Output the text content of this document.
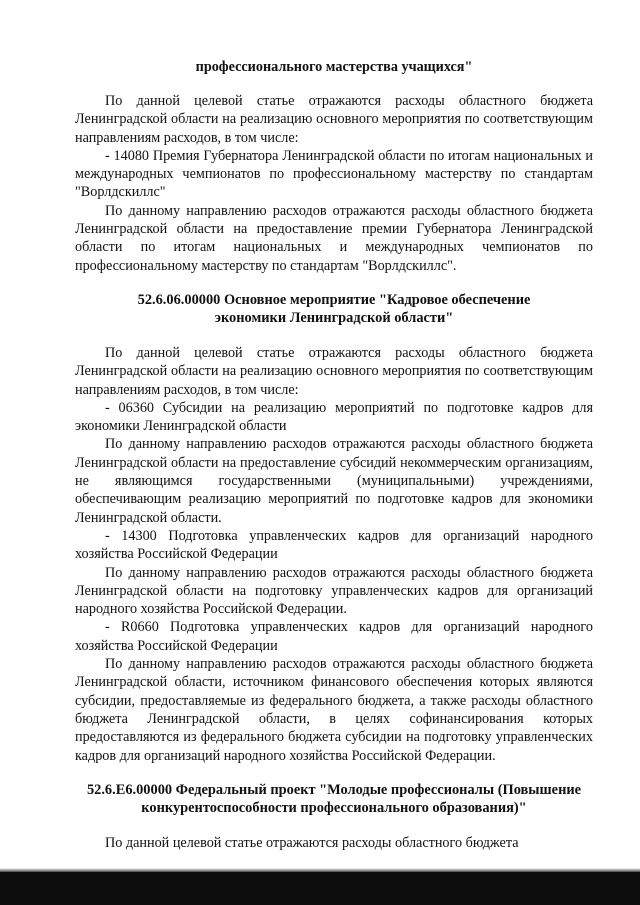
профессионального мастерства учащихся"

По данной целевой статье отражаются расходы областного бюджета Ленинградской области на реализацию основного мероприятия по соответствующим направлениям расходов, в том числе:

- 14080 Премия Губернатора Ленинградской области по итогам национальных и международных чемпионатов по профессиональному мастерству по стандартам "Ворлдскиллс"

По данному направлению расходов отражаются расходы областного бюджета Ленинградской области на предоставление премии Губернатора Ленинградской области по итогам национальных и международных чемпионатов по профессиональному мастерству по стандартам "Ворлдскиллс".

52.6.06.00000 Основное мероприятие "Кадровое обеспечение экономики Ленинградской области"

По данной целевой статье отражаются расходы областного бюджета Ленинградской области на реализацию основного мероприятия по соответствующим направлениям расходов, в том числе:

- 06360 Субсидии на реализацию мероприятий по подготовке кадров для экономики Ленинградской области

По данному направлению расходов отражаются расходы областного бюджета Ленинградской области на предоставление субсидий некоммерческим организациям, не являющимся государственными (муниципальными) учреждениями, обеспечивающим реализацию мероприятий по подготовке кадров для экономики Ленинградской области.

- 14300 Подготовка управленческих кадров для организаций народного хозяйства Российской Федерации

По данному направлению расходов отражаются расходы областного бюджета Ленинградской области на подготовку управленческих кадров для организаций народного хозяйства Российской Федерации.

- R0660 Подготовка управленческих кадров для организаций народного хозяйства Российской Федерации

По данному направлению расходов отражаются расходы областного бюджета Ленинградской области, источником финансового обеспечения которых являются субсидии, предоставляемые из федерального бюджета, а также расходы областного бюджета Ленинградской области, в целях софинансирования которых предоставляются из федерального бюджета субсидии на подготовку управленческих кадров для организаций народного хозяйства Российской Федерации.

52.6.Е6.00000 Федеральный проект "Молодые профессионалы (Повышение конкурентоспособности профессионального образования)"

По данной целевой статье отражаются расходы областного бюджета
